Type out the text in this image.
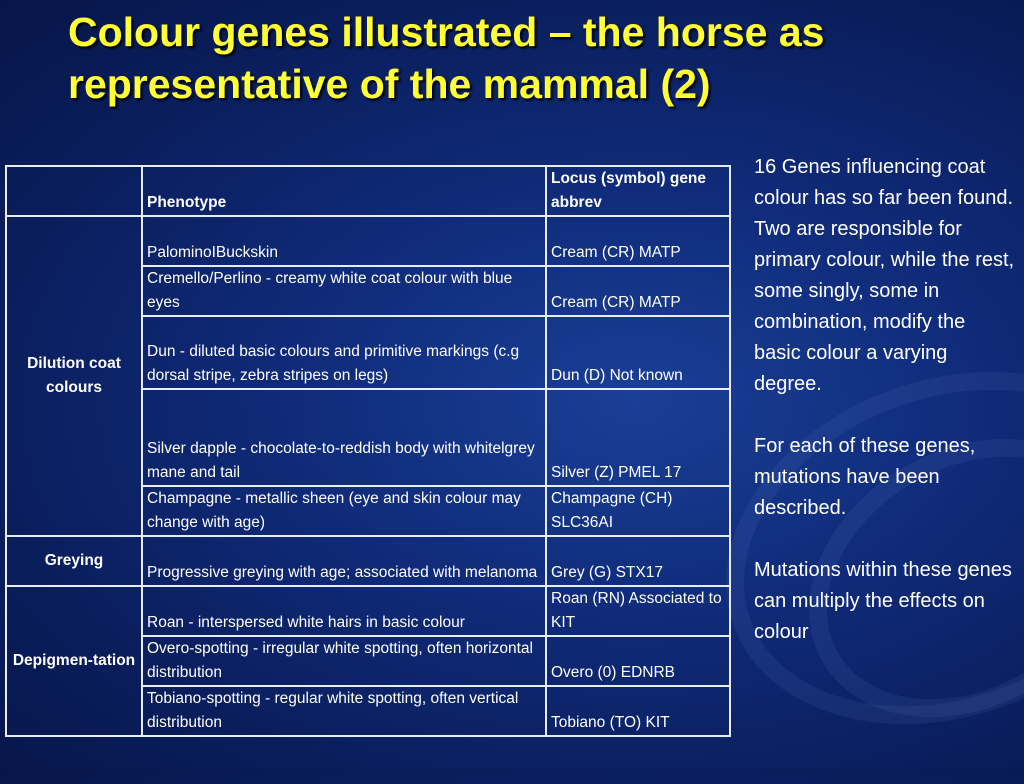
Colour genes illustrated – the horse as representative of the mammal (2)
	Phenotype	Locus (symbol) gene abbrev
Dilution coat colours	PalominoIBuckskin	Cream (CR) MATP
	Cremello/Perlino - creamy white coat colour with blue eyes	Cream (CR) MATP
	Dun - diluted basic colours and primitive markings (c.g dorsal stripe, zebra stripes on legs)	Dun (D) Not known
	Silver dapple - chocolate-to-reddish body with whitelgrey mane and tail	Silver (Z) PMEL 17
	Champagne - metallic sheen (eye and skin colour may change with age)	Champagne (CH) SLC36AI
Greying	Progressive greying with age; associated with melanoma	Grey (G) STX17
Depigmen-tation	Roan - interspersed white hairs in basic colour	Roan (RN) Associated to KIT
	Overo-spotting - irregular white spotting, often horizontal distribution	Overo (0) EDNRB
	Tobiano-spotting - regular white spotting, often vertical distribution	Tobiano (TO) KIT

16 Genes influencing coat colour has so far been found. Two are responsible for primary colour, while the rest, some singly, some in combination, modify the basic colour a varying degree.

For each of these genes, mutations have been described.

Mutations within these genes can multiply the effects on colour
